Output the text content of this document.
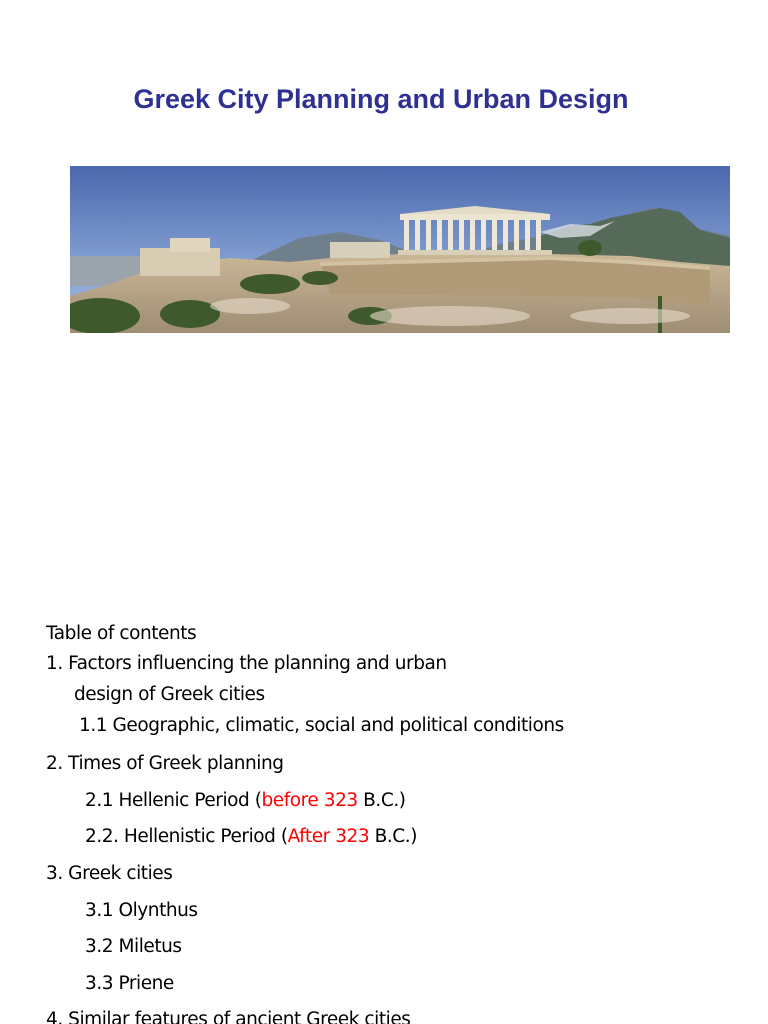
Greek City Planning and Urban Design
Table of contents
1. Factors influencing the planning and urban
design of Greek cities
1.1 Geographic, climatic, social and political conditions
2. Times of Greek planning
2.1 Hellenic Period (before 323 B.C.)
2.2. Hellenistic Period (After 323 B.C.)
3. Greek cities
3.1 Olynthus
3.2 Miletus
3.3 Priene
4. Similar features of ancient Greek cities
